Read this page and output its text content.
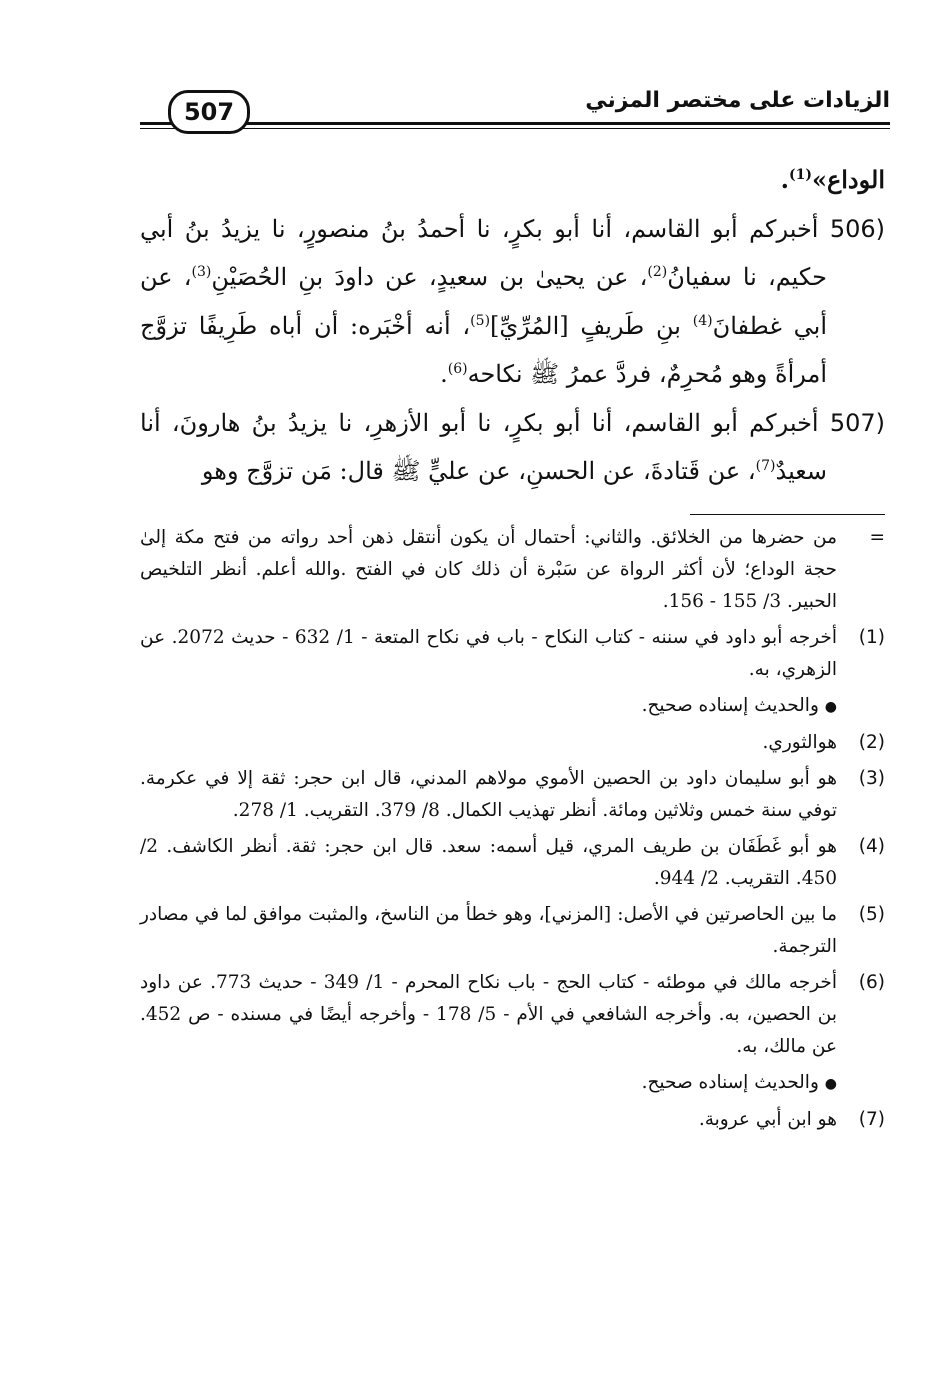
507	الزيادات على مختصر المزني

الوداع»$^{(1)}$.

506) أخبركم أبو القاسم، أنا أبو بكرٍ، نا أحمدُ بنُ منصورٍ، نا يزيدُ بنُ أبي حكيم، نا سفيانُ$^{(2)}$، عن يحيىٰ بن سعيدٍ، عن داودَ بنِ الحُصَيْنِ$^{(3)}$، عن أبي غطفانَ$^{(4)}$ بنِ طَريفٍ [المُرِّيِّ]$^{(5)}$، أنه أخْبَره: أن أباه طَرِيفًا تزوَّج أمرأةً وهو مُحرِمٌ، فردَّ عمرُ ﷺ نكاحه$^{(6)}$.

507) أخبركم أبو القاسم، أنا أبو بكرٍ، نا أبو الأزهرِ، نا يزيدُ بنُ هارونَ، أنا سعيدٌ$^{(7)}$، عن قَتادةَ، عن الحسنِ، عن عليٍّ ﷺ قال: مَن تزوَّج وهو

=
من حضرها من الخلائق. والثاني: أحتمال أن يكون أنتقل ذهن أحد رواته من فتح مكة إلىٰ حجة الوداع؛ لأن أكثر الرواة عن سَبْرة أن ذلك كان في الفتح .والله أعلم. أنظر التلخيص الحبير. 3/ 155 - 156.
(1)
أخرجه أبو داود في سننه - كتاب النكاح - باب في نكاح المتعة - 1/ 632 - حديث 2072. عن الزهري، به.
● والحديث إسناده صحيح.
(2)
هوالثوري.
(3)
هو أبو سليمان داود بن الحصين الأموي مولاهم المدني، قال ابن حجر: ثقة إلا في عكرمة. توفي سنة خمس وثلاثين ومائة. أنظر تهذيب الكمال. 8/ 379. التقريب. 1/ 278.
(4)
هو أبو غَطَفَان بن طريف المري، قيل أسمه: سعد. قال ابن حجر: ثقة. أنظر الكاشف. 2/ 450. التقريب. 2/ 944.
(5)
ما بين الحاصرتين في الأصل: [المزني]، وهو خطأ من الناسخ، والمثبت موافق لما في مصادر الترجمة.
(6)
أخرجه مالك في موطئه - كتاب الحج - باب نكاح المحرم - 1/ 349 - حديث 773. عن داود بن الحصين، به. وأخرجه الشافعي في الأم - 5/ 178 - وأخرجه أيضًا في مسنده - ص 452. عن مالك، به.
● والحديث إسناده صحيح.
(7)
هو ابن أبي عروبة.
